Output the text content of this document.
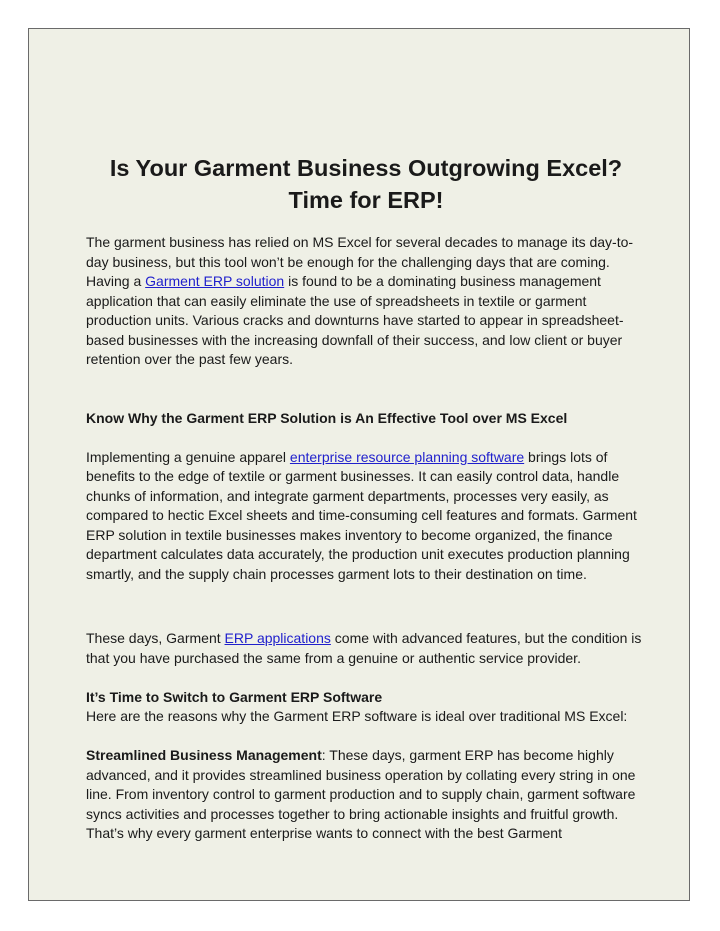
Is Your Garment Business Outgrowing Excel?
Time for ERP!

The garment business has relied on MS Excel for several decades to manage its day-to-day business, but this tool won’t be enough for the challenging days that are coming. Having a Garment ERP solution is found to be a dominating business management application that can easily eliminate the use of spreadsheets in textile or garment production units. Various cracks and downturns have started to appear in spreadsheet-based businesses with the increasing downfall of their success, and low client or buyer retention over the past few years.

Know Why the Garment ERP Solution is An Effective Tool over MS Excel

Implementing a genuine apparel enterprise resource planning software brings lots of benefits to the edge of textile or garment businesses. It can easily control data, handle chunks of information, and integrate garment departments, processes very easily, as compared to hectic Excel sheets and time-consuming cell features and formats. Garment ERP solution in textile businesses makes inventory to become organized, the finance department calculates data accurately, the production unit executes production planning smartly, and the supply chain processes garment lots to their destination on time.

These days, Garment ERP applications come with advanced features, but the condition is that you have purchased the same from a genuine or authentic service provider.

It’s Time to Switch to Garment ERP Software

Here are the reasons why the Garment ERP software is ideal over traditional MS Excel:

Streamlined Business Management: These days, garment ERP has become highly advanced, and it provides streamlined business operation by collating every string in one line. From inventory control to garment production and to supply chain, garment software syncs activities and processes together to bring actionable insights and fruitful growth. That’s why every garment enterprise wants to connect with the best Garment
